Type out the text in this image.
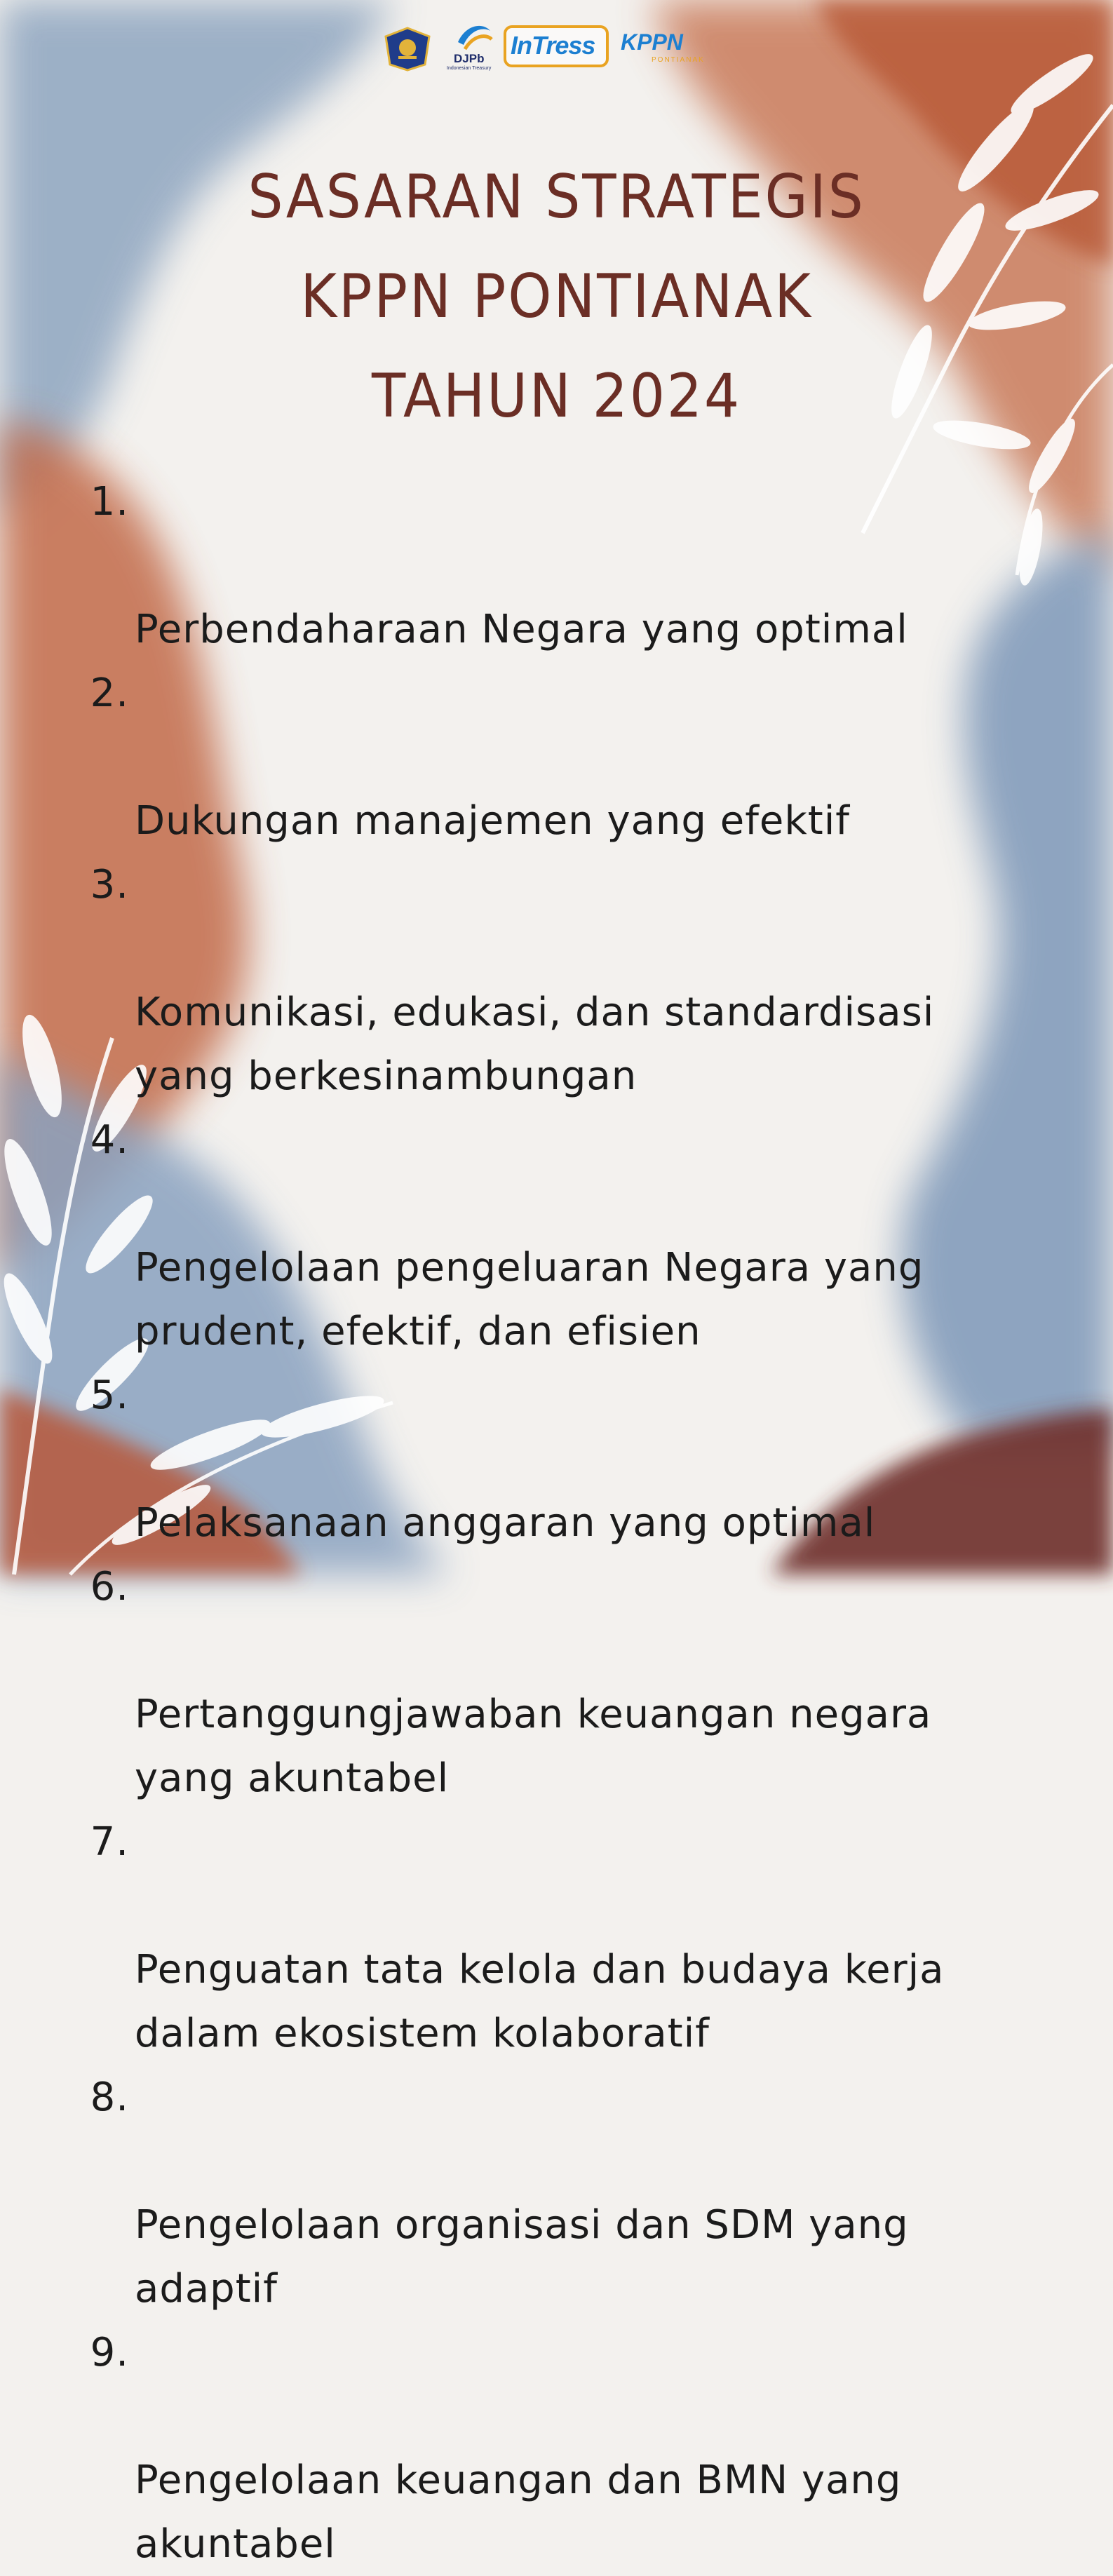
DJPb
Indonesian Treasury
InTress KPPN
PONTIANAK
SASARAN STRATEGIS
KPPN PONTIANAK
TAHUN 2024

1.

Perbendaharaan Negara yang optimal

2.

Dukungan manajemen yang efektif

3.

Komunikasi, edukasi, dan standardisasi
yang berkesinambungan

4.

Pengelolaan pengeluaran Negara yang
prudent, efektif, dan efisien

5.

Pelaksanaan anggaran yang optimal

6.

Pertanggungjawaban keuangan negara
yang akuntabel

7.

Penguatan tata kelola dan budaya kerja
dalam ekosistem kolaboratif

8.

Pengelolaan organisasi dan SDM yang
adaptif

9.

Pengelolaan keuangan dan BMN yang
akuntabel
